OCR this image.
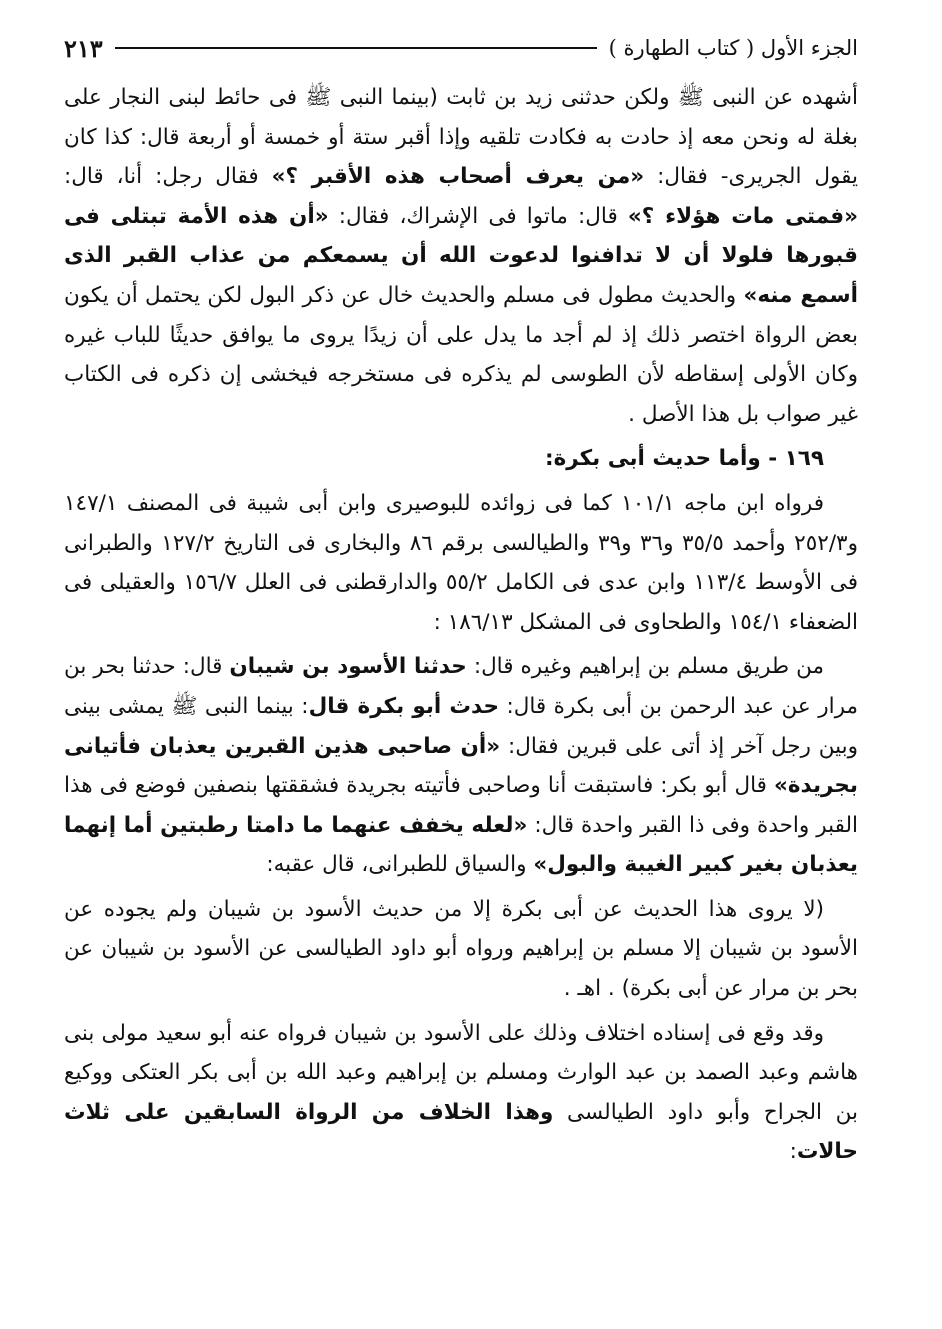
الجزء الأول ( كتاب الطهارة )
٢١٣

أشهده عن النبى ﷺ ولكن حدثنى زيد بن ثابت (بينما النبى ﷺ فى حائط لبنى النجار على بغلة له ونحن معه إذ حادت به فكادت تلقيه وإذا أقبر ستة أو خمسة أو أربعة قال: كذا كان يقول الجريرى- فقال: «من يعرف أصحاب هذه الأقبر ؟» فقال رجل: أنا، قال: «فمتى مات هؤلاء ؟» قال: ماتوا فى الإشراك، فقال: «أن هذه الأمة تبتلى فى قبورها فلولا أن لا تدافنوا لدعوت الله أن يسمعكم من عذاب القبر الذى أسمع منه» والحديث مطول فى مسلم والحديث خال عن ذكر البول لكن يحتمل أن يكون بعض الرواة اختصر ذلك إذ لم أجد ما يدل على أن زيدًا يروى ما يوافق حديثًا للباب غيره وكان الأولى إسقاطه لأن الطوسى لم يذكره فى مستخرجه فيخشى إن ذكره فى الكتاب غير صواب بل هذا الأصل .

١٦٩ - وأما حديث أبى بكرة:

فرواه ابن ماجه ١٠١/١ كما فى زوائده للبوصيرى وابن أبى شيبة فى المصنف ١٤٧/١ و٢٥٢/٣ وأحمد ٣٥/٥ و٣٦ و٣٩ والطيالسى برقم ٨٦ والبخارى فى التاريخ ١٢٧/٢ والطبرانى فى الأوسط ١١٣/٤ وابن عدى فى الكامل ٥٥/٢ والدارقطنى فى العلل ١٥٦/٧ والعقيلى فى الضعفاء ١٥٤/١ والطحاوى فى المشكل ١٨٦/١٣ :

من طريق مسلم بن إبراهيم وغيره قال: حدثنا الأسود بن شيبان قال: حدثنا بحر بن مرار عن عبد الرحمن بن أبى بكرة قال: حدث أبو بكرة قال: بينما النبى ﷺ يمشى بينى وبين رجل آخر إذ أتى على قبرين فقال: «أن صاحبى هذين القبرين يعذبان فأتيانى بجريدة» قال أبو بكر: فاستبقت أنا وصاحبى فأتيته بجريدة فشققتها بنصفين فوضع فى هذا القبر واحدة وفى ذا القبر واحدة قال: «لعله يخفف عنهما ما دامتا رطبتين أما إنهما يعذبان بغير كبير الغيبة والبول» والسياق للطبرانى، قال عقبه:

(لا يروى هذا الحديث عن أبى بكرة إلا من حديث الأسود بن شيبان ولم يجوده عن الأسود بن شيبان إلا مسلم بن إبراهيم ورواه أبو داود الطيالسى عن الأسود بن شيبان عن بحر بن مرار عن أبى بكرة) . اهـ .

وقد وقع فى إسناده اختلاف وذلك على الأسود بن شيبان فرواه عنه أبو سعيد مولى بنى هاشم وعبد الصمد بن عبد الوارث ومسلم بن إبراهيم وعبد الله بن أبى بكر العتكى ووكيع بن الجراح وأبو داود الطيالسى وهذا الخلاف من الرواة السابقين على ثلاث حالات:
